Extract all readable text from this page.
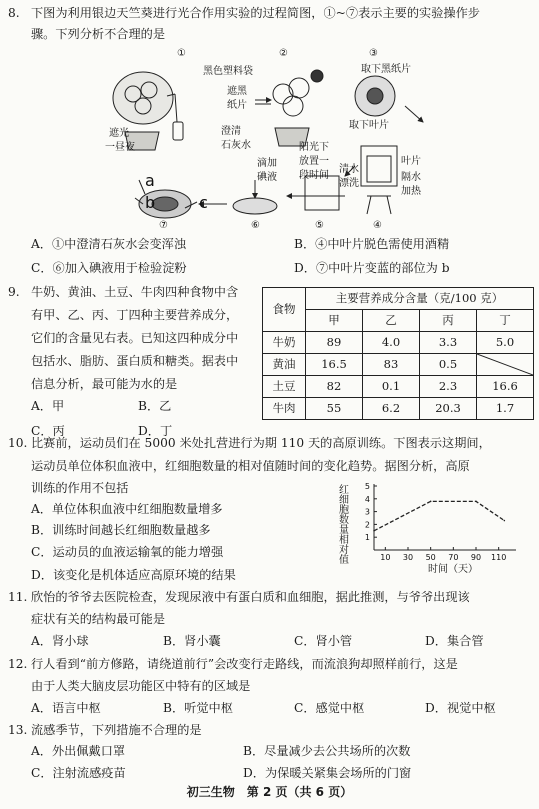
8. 下图为利用银边天竺葵进行光合作用实验的过程简图，①~⑦表示主要的实验操作步
骤。下列分析不合理的是
①	②	③
④
⑤
⑥
⑦
黑色塑料袋
遮光
一昼夜
遮黑
纸片
澄清
石灰水	阳光下
放置一
段时间
取下黑纸片
取下叶片
叶片
隔水
加热
清水
漂洗
滴加
碘液
a
b	c
A．①中澄清石灰水会变浑浊	B．④中叶片脱色需使用酒精
C．⑥加入碘液用于检验淀粉	D．⑦中叶片变蓝的部位为 b
9. 牛奶、黄油、土豆、牛肉四种食物中含
有甲、乙、丙、丁四种主要营养成分，
它们的含量见右表。已知这四种成分中
包括水、脂肪、蛋白质和糖类。据表中
信息分析，最可能为水的是
A．甲	B．乙
C．丙	D．丁
食物	主要营养成分含量（克/100 克）			
	甲	乙	丙	丁
牛奶	89	4.0	3.3	5.0
黄油	16.5	83	0.5	

土豆	82	0.1	2.3	16.6
牛肉	55	6.2	20.3	1.7
10. 比赛前，运动员们在 5000 米处扎营进行为期 110 天的高原训练。下图表示这期间，
运动员单位体积血液中，红细胞数量的相对值随时间的变化趋势。据图分析，高原
训练的作用不包括
A．单位体积血液中红细胞数量增多
B．训练时间越长红细胞数量越多
C．运动员的血液运输氧的能力增强
D．该变化是机体适应高原环境的结果
红细胞数量相对值
时间（天）
1
2
3
4
5
10 30 50 70 90 110
11. 欣怡的爷爷去医院检查，发现尿液中有蛋白质和血细胞，据此推测，与爷爷出现该
症状有关的结构最可能是
A．肾小球	B．肾小囊	C．肾小管	D．集合管
12. 行人看到“前方修路，请绕道前行”会改变行走路线，而流浪狗却照样前行，这是
由于人类大脑皮层功能区中特有的区域是
A．语言中枢	B．听觉中枢	C．感觉中枢	D．视觉中枢
13. 流感季节，下列措施不合理的是
A．外出佩戴口罩	B．尽量减少去公共场所的次数
C．注射流感疫苗	D．为保暖关紧集会场所的门窗
初三生物　第 2 页（共 6 页）
